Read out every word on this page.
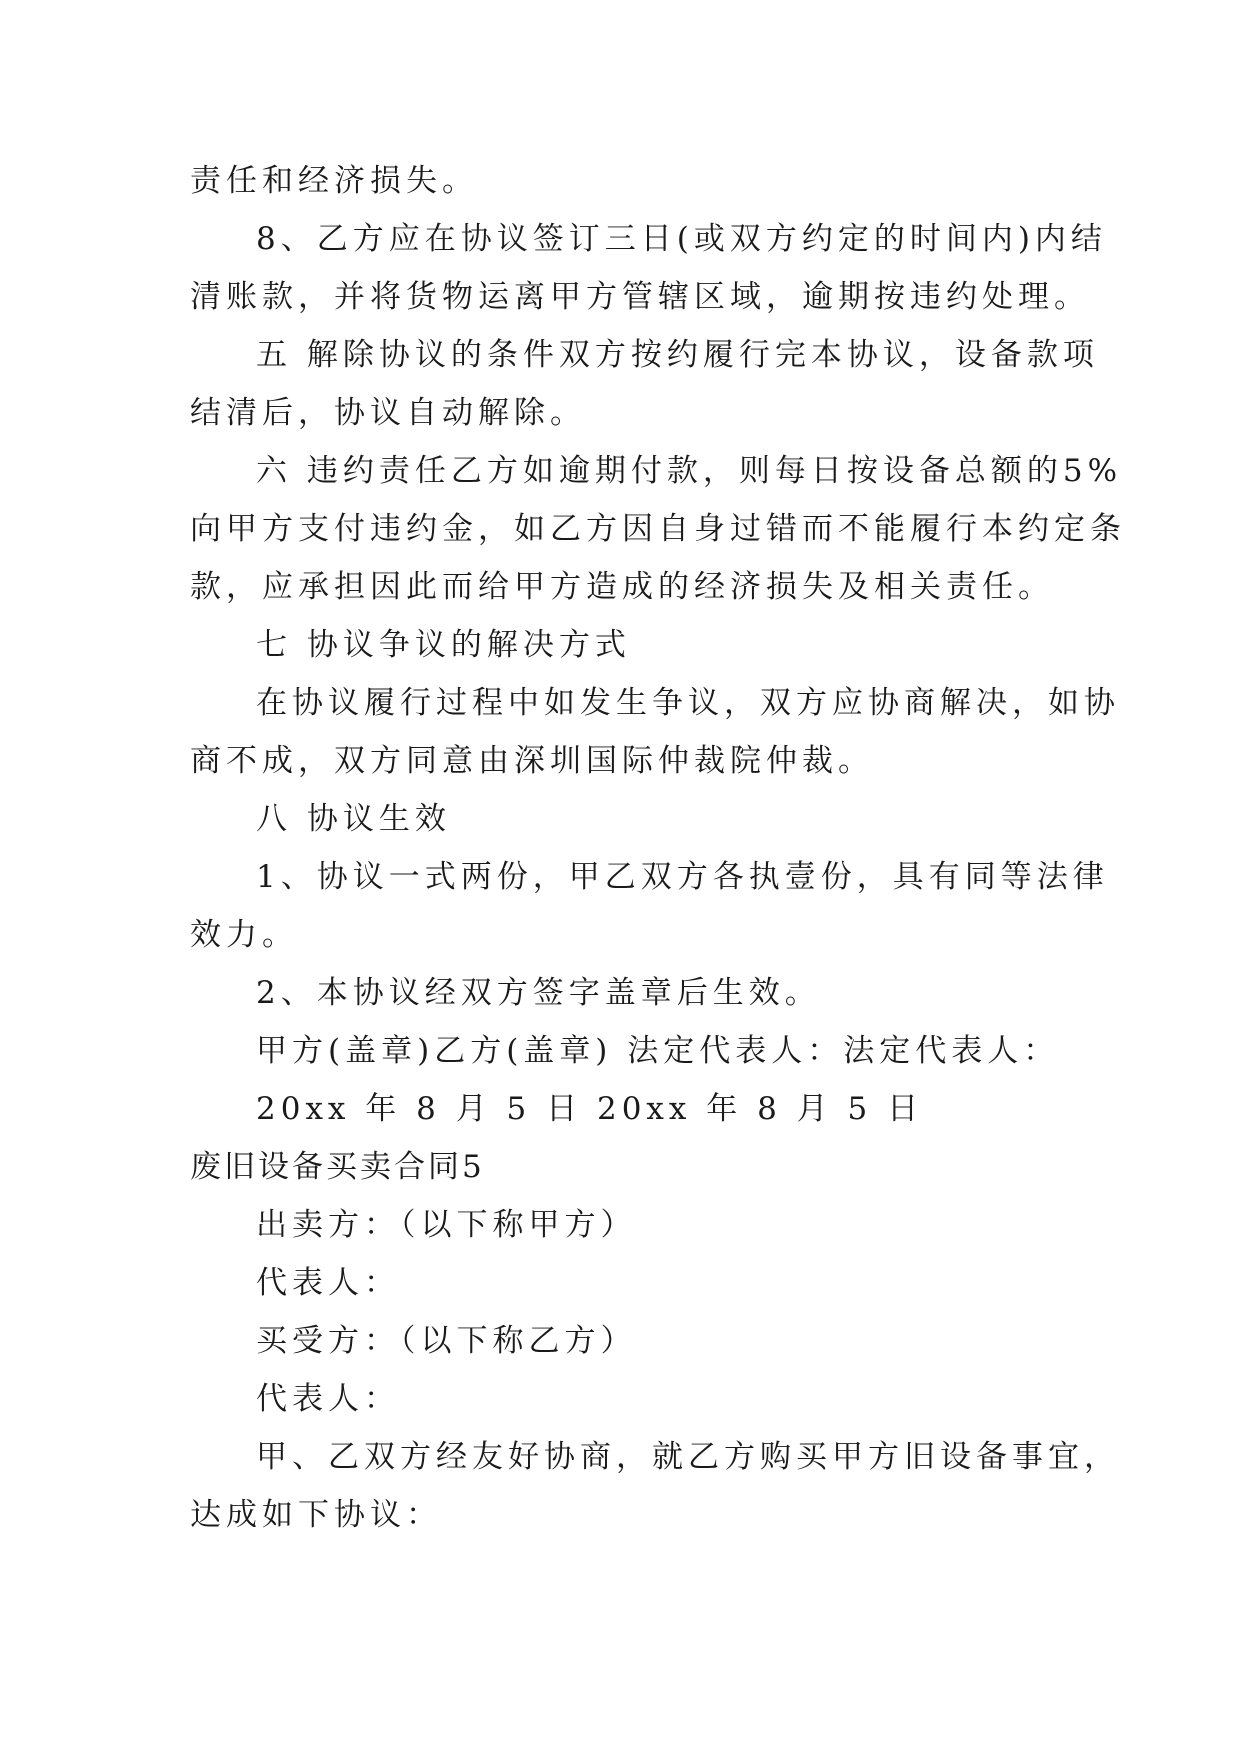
责任和经济损失。
8、乙方应在协议签订三日(或双方约定的时间内)内结
清账款，并将货物运离甲方管辖区域，逾期按违约处理。
五 解除协议的条件双方按约履行完本协议，设备款项
结清后，协议自动解除。
六 违约责任乙方如逾期付款，则每日按设备总额的5%
向甲方支付违约金，如乙方因自身过错而不能履行本约定条
款，应承担因此而给甲方造成的经济损失及相关责任。
七 协议争议的解决方式
在协议履行过程中如发生争议，双方应协商解决，如协
商不成，双方同意由深圳国际仲裁院仲裁。
八 协议生效
1、协议一式两份，甲乙双方各执壹份，具有同等法律
效力。
2、本协议经双方签字盖章后生效。
甲方(盖章)乙方(盖章) 法定代表人：法定代表人：
20xx 年 8 月 5 日 20xx 年 8 月 5 日
废旧设备买卖合同5
出卖方：（以下称甲方）
代表人：
买受方：（以下称乙方）
代表人：
甲、乙双方经友好协商，就乙方购买甲方旧设备事宜，
达成如下协议：
